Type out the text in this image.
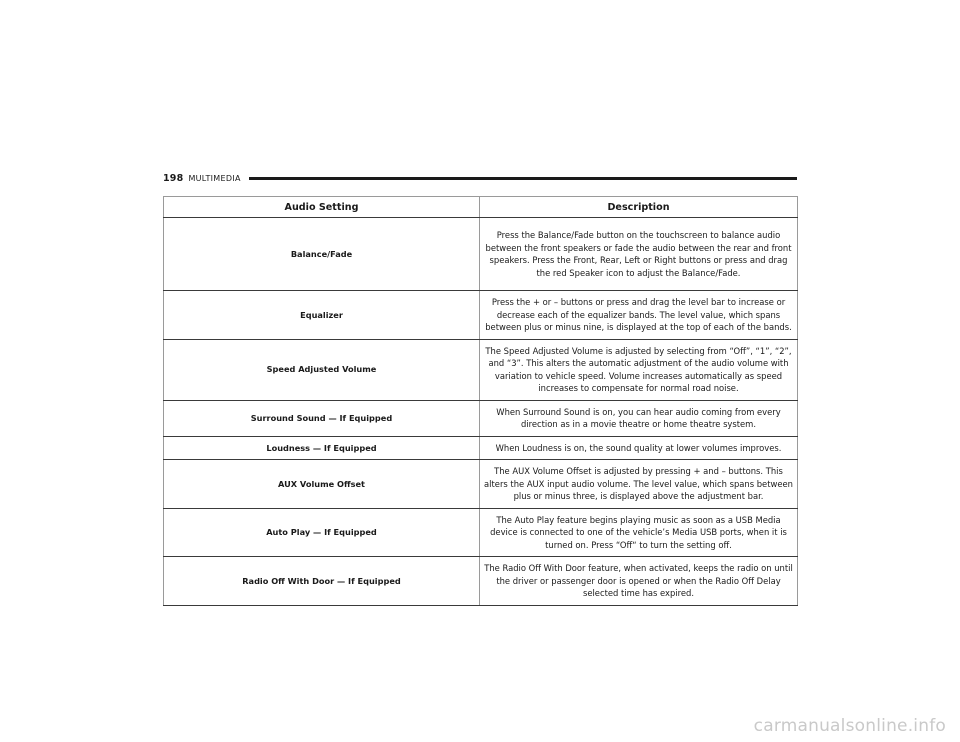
198 MULTIMEDIA
Audio Setting	Description
Balance/Fade	Press the Balance/Fade button on the touchscreen to balance audio between the front speakers or fade the audio between the rear and front speakers. Press the Front, Rear, Left or Right buttons or press and drag the red Speaker icon to adjust the Balance/Fade.
Equalizer	Press the + or – buttons or press and drag the level bar to increase or decrease each of the equalizer bands. The level value, which spans between plus or minus nine, is displayed at the top of each of the bands.
Speed Adjusted Volume	The Speed Adjusted Volume is adjusted by selecting from “Off”, “1”, “2”, and “3”. This alters the automatic adjustment of the audio volume with variation to vehicle speed. Volume increases automatically as speed increases to compensate for normal road noise.
Surround Sound — If Equipped	When Surround Sound is on, you can hear audio coming from every direction as in a movie theatre or home theatre system.
Loudness — If Equipped	When Loudness is on, the sound quality at lower volumes improves.
AUX Volume Offset	The AUX Volume Offset is adjusted by pressing + and – buttons. This alters the AUX input audio volume. The level value, which spans between plus or minus three, is displayed above the adjustment bar.
Auto Play — If Equipped	The Auto Play feature begins playing music as soon as a USB Media device is connected to one of the vehicle’s Media USB ports, when it is turned on. Press “Off“ to turn the setting off.
Radio Off With Door — If Equipped	The Radio Off With Door feature, when activated, keeps the radio on until the driver or passenger door is opened or when the Radio Off Delay selected time has expired.
carmanualsonline.info
